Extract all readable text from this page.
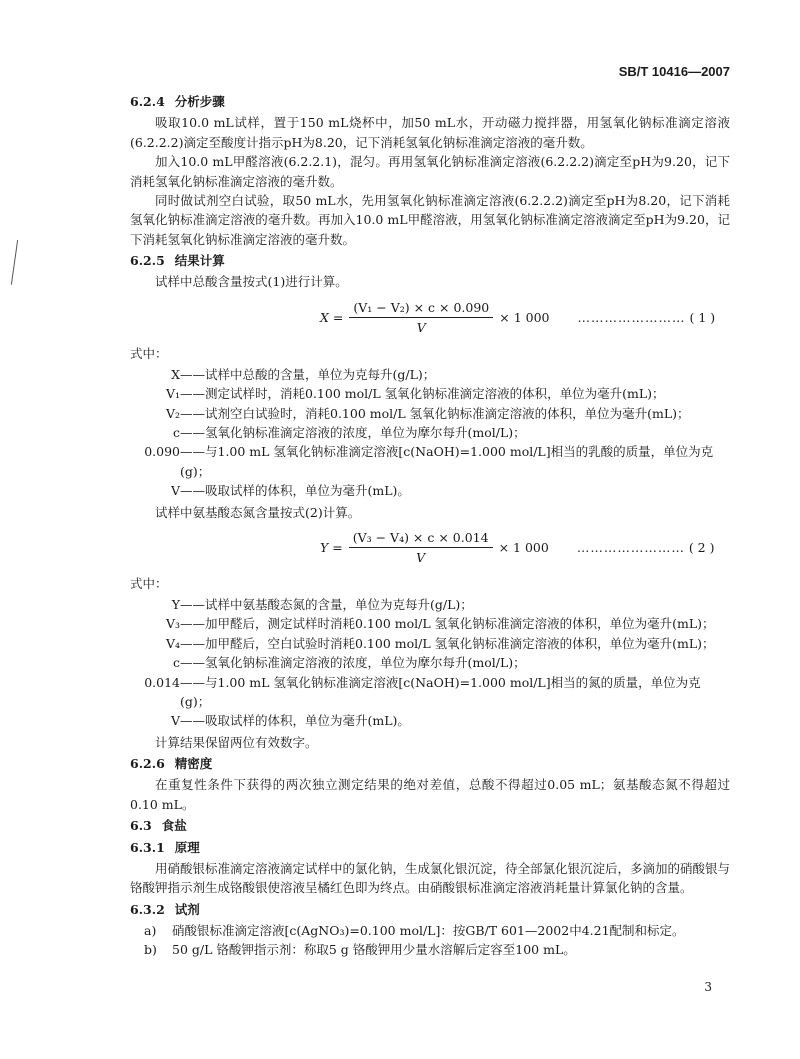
SB/T 10416—2007
6.2.4 分析步骤

吸取10.0 mL试样，置于150 mL烧杯中，加50 mL水，开动磁力搅拌器，用氢氧化钠标准滴定溶液(6.2.2.2)滴定至酸度计指示pH为8.20，记下消耗氢氧化钠标准滴定溶液的毫升数。

加入10.0 mL甲醛溶液(6.2.2.1)，混匀。再用氢氧化钠标准滴定溶液(6.2.2.2)滴定至pH为9.20，记下消耗氢氧化钠标准滴定溶液的毫升数。

同时做试剂空白试验，取50 mL水，先用氢氧化钠标准滴定溶液(6.2.2.2)滴定至pH为8.20，记下消耗氢氧化钠标准滴定溶液的毫升数。再加入10.0 mL甲醛溶液，用氢氧化钠标准滴定溶液滴定至pH为9.20，记下消耗氢氧化钠标准滴定溶液的毫升数。

6.2.5 结果计算

试样中总酸含量按式(1)进行计算。

$X = \frac{\text{(V₁ − V₂) × c × 0.090}}{V} \times 1$ 000 …………………… ( 1 )

式中：

X ——试样中总酸的含量，单位为克每升(g/L)；
V₁ ——测定试样时，消耗0.100 mol/L 氢氧化钠标准滴定溶液的体积，单位为毫升(mL)；
V₂ ——试剂空白试验时，消耗0.100 mol/L 氢氧化钠标准滴定溶液的体积，单位为毫升(mL)；
c ——氢氧化钠标准滴定溶液的浓度，单位为摩尔每升(mol/L)；
0.090 ——与1.00 mL 氢氧化钠标准滴定溶液[c(NaOH)=1.000 mol/L]相当的乳酸的质量，单位为克(g)；
V ——吸取试样的体积，单位为毫升(mL)。

试样中氨基酸态氮含量按式(2)计算。

$Y = \frac{\text{(V₃ − V₄) × c × 0.014}}{V} \times 1$ 000 …………………… ( 2 )

式中：

Y ——试样中氨基酸态氮的含量，单位为克每升(g/L)；
V₃ ——加甲醛后，测定试样时消耗0.100 mol/L 氢氧化钠标准滴定溶液的体积，单位为毫升(mL)；
V₄ ——加甲醛后，空白试验时消耗0.100 mol/L 氢氧化钠标准滴定溶液的体积，单位为毫升(mL)；
c ——氢氧化钠标准滴定溶液的浓度，单位为摩尔每升(mol/L)；
0.014 ——与1.00 mL 氢氧化钠标准滴定溶液[c(NaOH)=1.000 mol/L]相当的氮的质量，单位为克(g)；
V ——吸取试样的体积，单位为毫升(mL)。

计算结果保留两位有效数字。

6.2.6 精密度

在重复性条件下获得的两次独立测定结果的绝对差值，总酸不得超过0.05 mL；氨基酸态氮不得超过0.10 mL。

6.3 食盐
6.3.1 原理

用硝酸银标准滴定溶液滴定试样中的氯化钠，生成氯化银沉淀，待全部氯化银沉淀后，多滴加的硝酸银与铬酸钾指示剂生成铬酸银使溶液呈橘红色即为终点。由硝酸银标准滴定溶液消耗量计算氯化钠的含量。

6.3.2 试剂
a)	硝酸银标准滴定溶液[c(AgNO₃)=0.100 mol/L]：按GB/T 601—2002中4.21配制和标定。
b)	50 g/L 铬酸钾指示剂：称取5 g 铬酸钾用少量水溶解后定容至100 mL。
3
